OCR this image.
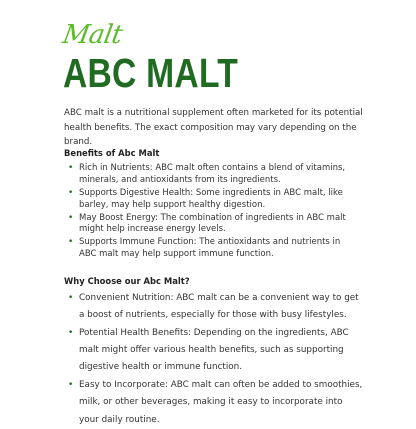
Malt
ABC MALT

ABC malt is a nutritional supplement often marketed for its potential health benefits. The exact composition may vary depending on the brand.

Benefits of Abc Malt
• Rich in Nutrients: ABC malt often contains a blend of vitamins, minerals, and antioxidants from its ingredients.
• Supports Digestive Health: Some ingredients in ABC malt, like barley, may help support healthy digestion.
• May Boost Energy: The combination of ingredients in ABC malt might help increase energy levels.
• Supports Immune Function: The antioxidants and nutrients in ABC malt may help support immune function.
Why Choose our Abc Malt?
• Convenient Nutrition: ABC malt can be a convenient way to get a boost of nutrients, especially for those with busy lifestyles.
• Potential Health Benefits: Depending on the ingredients, ABC malt might offer various health benefits, such as supporting digestive health or immune function.
• Easy to Incorporate: ABC malt can often be added to smoothies, milk, or other beverages, making it easy to incorporate into your daily routine.
